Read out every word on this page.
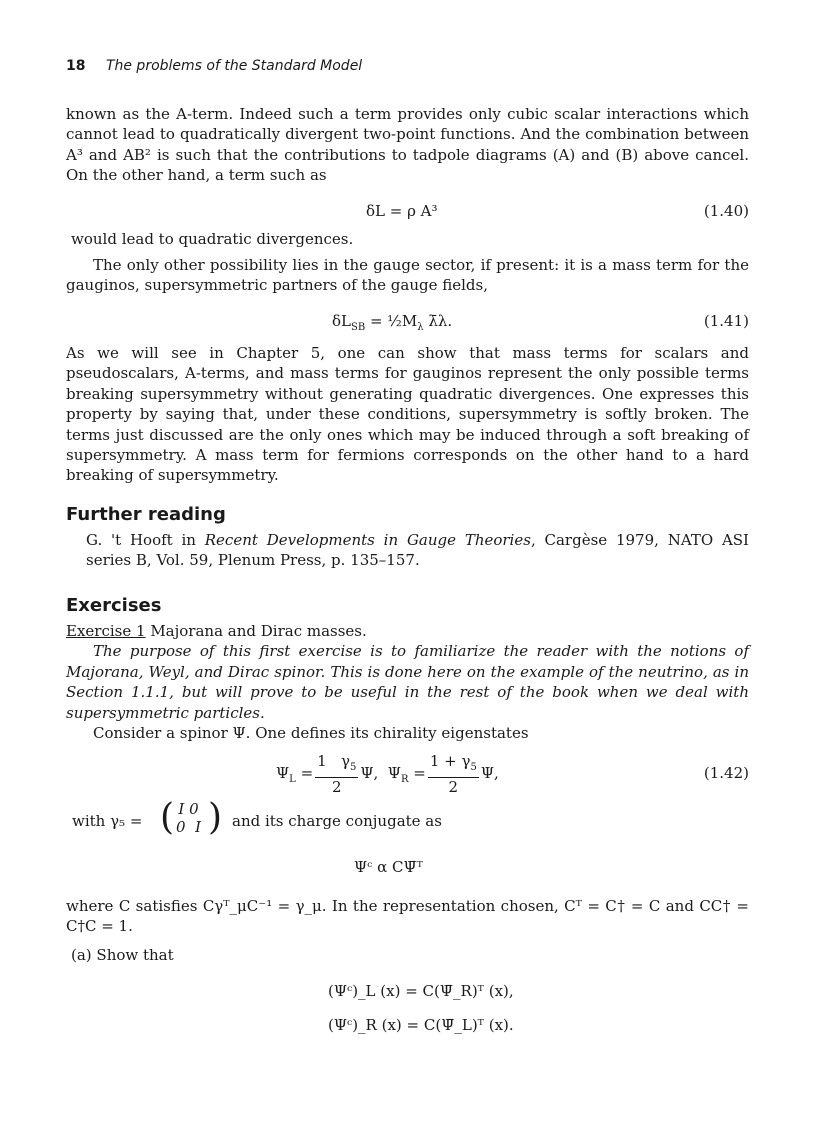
18 The problems of the Standard Model

known as the A-term. Indeed such a term provides only cubic scalar interactions which cannot lead to quadratically divergent two-point functions. And the combination between A³ and AB² is such that the contributions to tadpole diagrams (A) and (B) above cancel. On the other hand, a term such as

δL = ρ A³	(1.40)

would lead to quadratic divergences.

The only other possibility lies in the gauge sector, if present: it is a mass term for the gauginos, supersymmetric partners of the gauge fields,

$\delta L_{SB}$ = $\frac{1}{2}M_\lambda$ λ̄λ.	(1.41)

As we will see in Chapter 5, one can show that mass terms for scalars and pseudoscalars, A-terms, and mass terms for gauginos represent the only possible terms breaking supersymmetry without generating quadratic divergences. One expresses this property by saying that, under these conditions, supersymmetry is softly broken. The terms just discussed are the only ones which may be induced through a soft breaking of supersymmetry. A mass term for fermions corresponds on the other hand to a hard breaking of supersymmetry.

Further reading

G. 't Hooft in Recent Developments in Gauge Theories, Cargèse 1979, NATO ASI series B, Vol. 59, Plenum Press, p. 135–157.

Exercises

Exercise 1 Majorana and Dirac masses.

The purpose of this first exercise is to familiarize the reader with the notions of Majorana, Weyl, and Dirac spinor. This is done here on the example of the neutrino, as in Section 1.1.1, but will prove to be useful in the rest of the book when we deal with supersymmetric particles.

Consider a spinor Ψ. One defines its chirality eigenstates

$\Psi_L = \frac{1 \gamma_5}{2} \Psi$,  $\Psi_R = \frac{1 + \gamma_5}{2} \Psi$,	(1.42)
with γ₅ = ( I 0
0  I ) and its charge conjugate as
Ψᶜ α CΨ̄ᵀ

where C satisfies Cγᵀ_μC⁻¹ = γ_μ. In the representation chosen, Cᵀ = C† = C and CC† = C†C = 1.

(a) Show that

(Ψᶜ)_L (x) = C(Ψ̄_R)ᵀ (x),
(Ψᶜ)_R (x) = C(Ψ̄_L)ᵀ (x).
